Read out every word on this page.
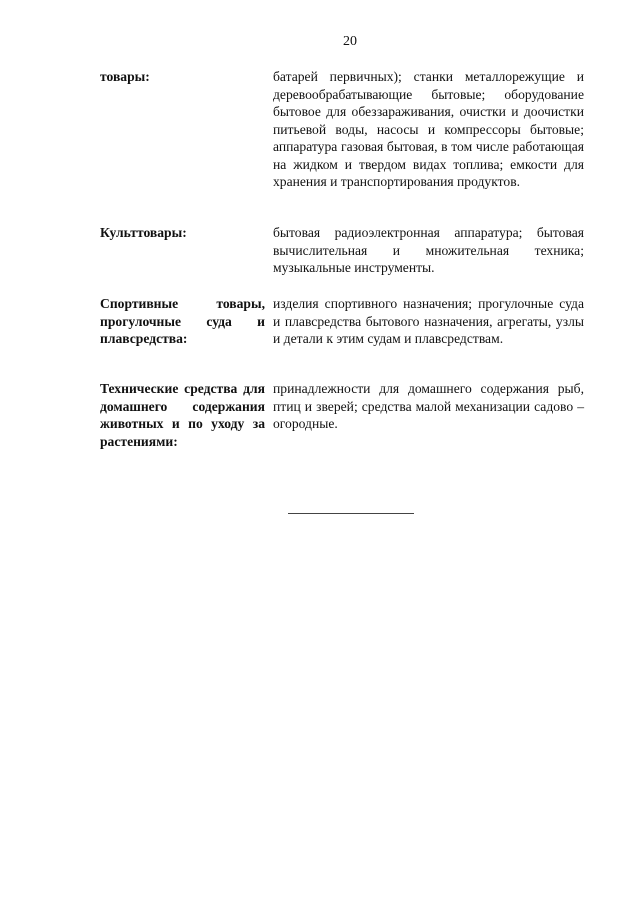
20
товары:	батарей первичных); станки металлорежущие и деревообрабатывающие бытовые; оборудование бытовое для обеззараживания, очистки и доочистки питьевой воды, насосы и компрессоры бытовые; аппаратура газовая бытовая, в том числе работающая на жидком и твердом видах топлива; емкости для хранения и транспортирования продуктов.
Культтовары:	бытовая радиоэлектронная аппаратура; бытовая вычислительная и множительная техника; музыкальные инструменты.
Спортивные товары, прогулочные суда и плавсредства:
изделия спортивного назначения; прогулочные суда и плавсредства бытового назначения, агрегаты, узлы и детали к этим судам и плавсредствам.
Технические средства для домашнего содержания животных и по уходу за растениями:
принадлежности для домашнего содержания рыб, птиц и зверей; средства малой механизации садово – огородные.
